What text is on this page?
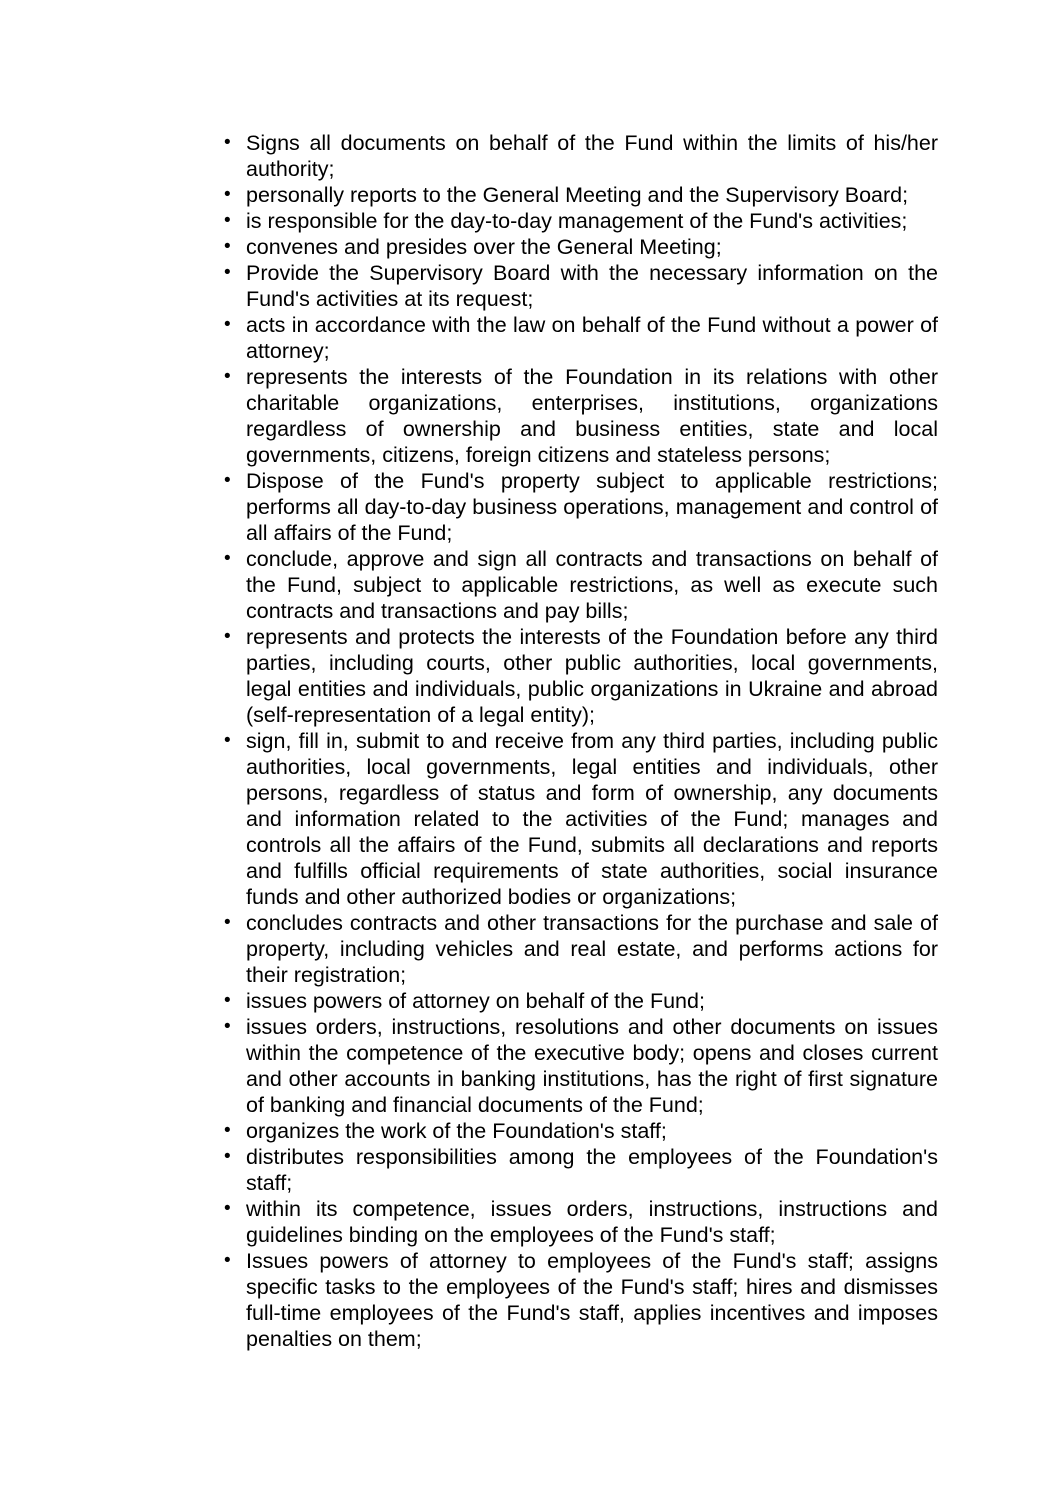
• Signs all documents on behalf of the Fund within the limits of his/her authority;
• personally reports to the General Meeting and the Supervisory Board;
• is responsible for the day-to-day management of the Fund's activities;
• convenes and presides over the General Meeting;
• Provide the Supervisory Board with the necessary information on the Fund's activities at its request;
• acts in accordance with the law on behalf of the Fund without a power of attorney;
• represents the interests of the Foundation in its relations with other charitable organizations, enterprises, institutions, organizations regardless of ownership and business entities, state and local governments, citizens, foreign citizens and stateless persons;
• Dispose of the Fund's property subject to applicable restrictions; performs all day-to-day business operations, management and control of all affairs of the Fund;
• conclude, approve and sign all contracts and transactions on behalf of the Fund, subject to applicable restrictions, as well as execute such contracts and transactions and pay bills;
• represents and protects the interests of the Foundation before any third parties, including courts, other public authorities, local governments, legal entities and individuals, public organizations in Ukraine and abroad (self-representation of a legal entity);
• sign, fill in, submit to and receive from any third parties, including public authorities, local governments, legal entities and individuals, other persons, regardless of status and form of ownership, any documents and information related to the activities of the Fund; manages and controls all the affairs of the Fund, submits all declarations and reports and fulfills official requirements of state authorities, social insurance funds and other authorized bodies or organizations;
• concludes contracts and other transactions for the purchase and sale of property, including vehicles and real estate, and performs actions for their registration;
• issues powers of attorney on behalf of the Fund;
• issues orders, instructions, resolutions and other documents on issues within the competence of the executive body; opens and closes current and other accounts in banking institutions, has the right of first signature of banking and financial documents of the Fund;
• organizes the work of the Foundation's staff;
• distributes responsibilities among the employees of the Foundation's staff;
• within its competence, issues orders, instructions, instructions and guidelines binding on the employees of the Fund's staff;
• Issues powers of attorney to employees of the Fund's staff; assigns specific tasks to the employees of the Fund's staff; hires and dismisses full-time employees of the Fund's staff, applies incentives and imposes penalties on them;
